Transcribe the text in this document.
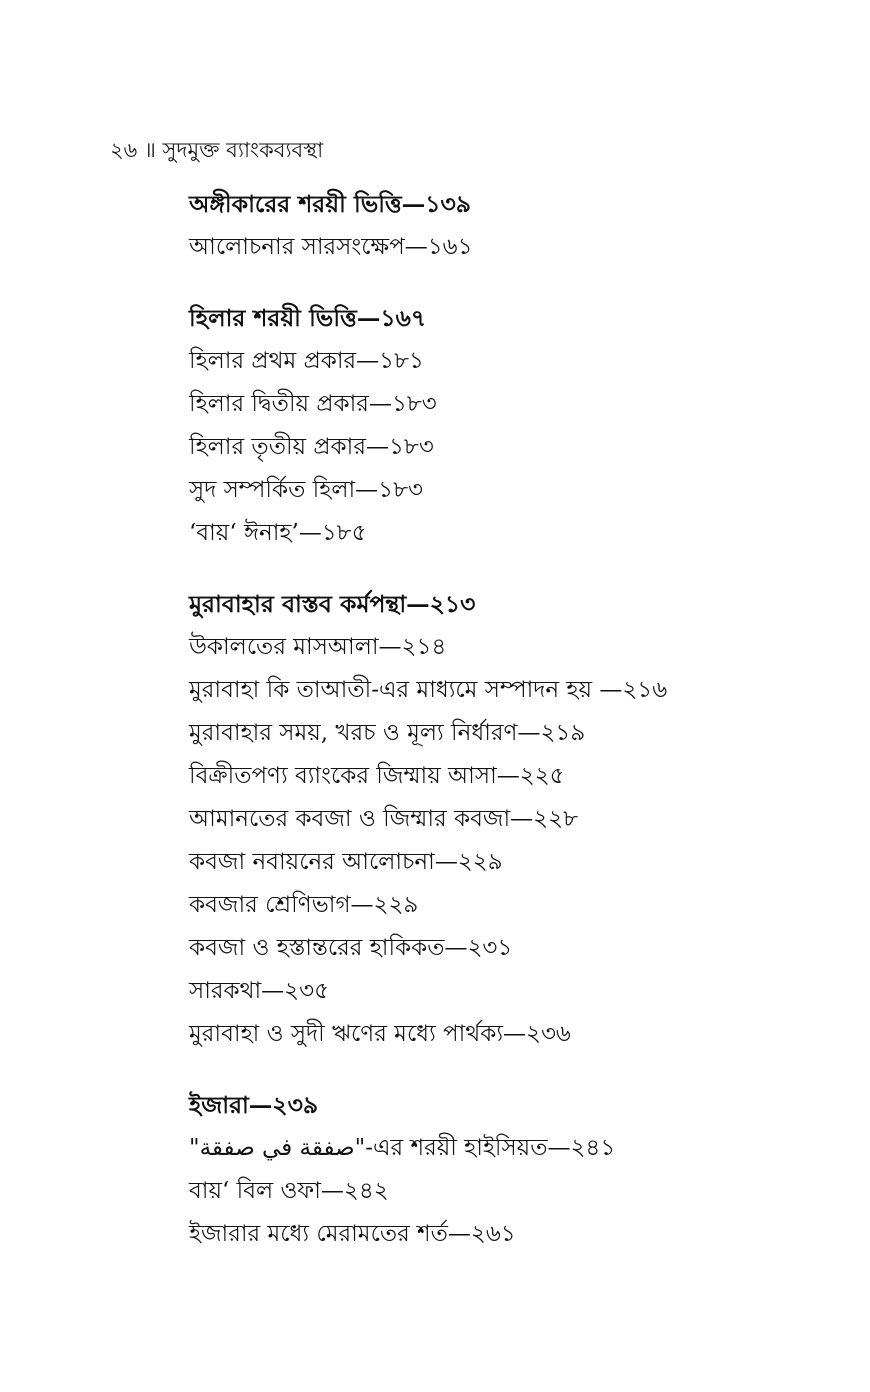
২৬ ॥ সুদমুক্ত ব্যাংকব্যবস্থা
অঙ্গীকারের শরয়ী ভিত্তি—১৩৯
আলোচনার সারসংক্ষেপ—১৬১
হিলার শরয়ী ভিত্তি—১৬৭
হিলার প্রথম প্রকার—১৮১
হিলার দ্বিতীয় প্রকার—১৮৩
হিলার তৃতীয় প্রকার—১৮৩
সুদ সম্পর্কিত হিলা—১৮৩
‘বায়‘ ঈনাহ’—১৮৫
মুরাবাহার বাস্তব কর্মপন্থা—২১৩
উকালতের মাসআলা—২১৪
মুরাবাহা কি তাআতী-এর মাধ্যমে সম্পাদন হয় —২১৬
মুরাবাহার সময়, খরচ ও মূল্য নির্ধারণ—২১৯
বিক্রীতপণ্য ব্যাংকের জিম্মায় আসা—২২৫
আমানতের কবজা ও জিম্মার কবজা—২২৮
কবজা নবায়নের আলোচনা—২২৯
কবজার শ্রেণিভাগ—২২৯
কবজা ও হস্তান্তরের হাকিকত—২৩১
সারকথা—২৩৫
মুরাবাহা ও সুদী ঋণের মধ্যে পার্থক্য—২৩৬
ইজারা—২৩৯
"صفقة في صفقة"-এর শরয়ী হাইসিয়ত—২৪১
বায়‘ বিল ওফা—২৪২
ইজারার মধ্যে মেরামতের শর্ত—২৬১
